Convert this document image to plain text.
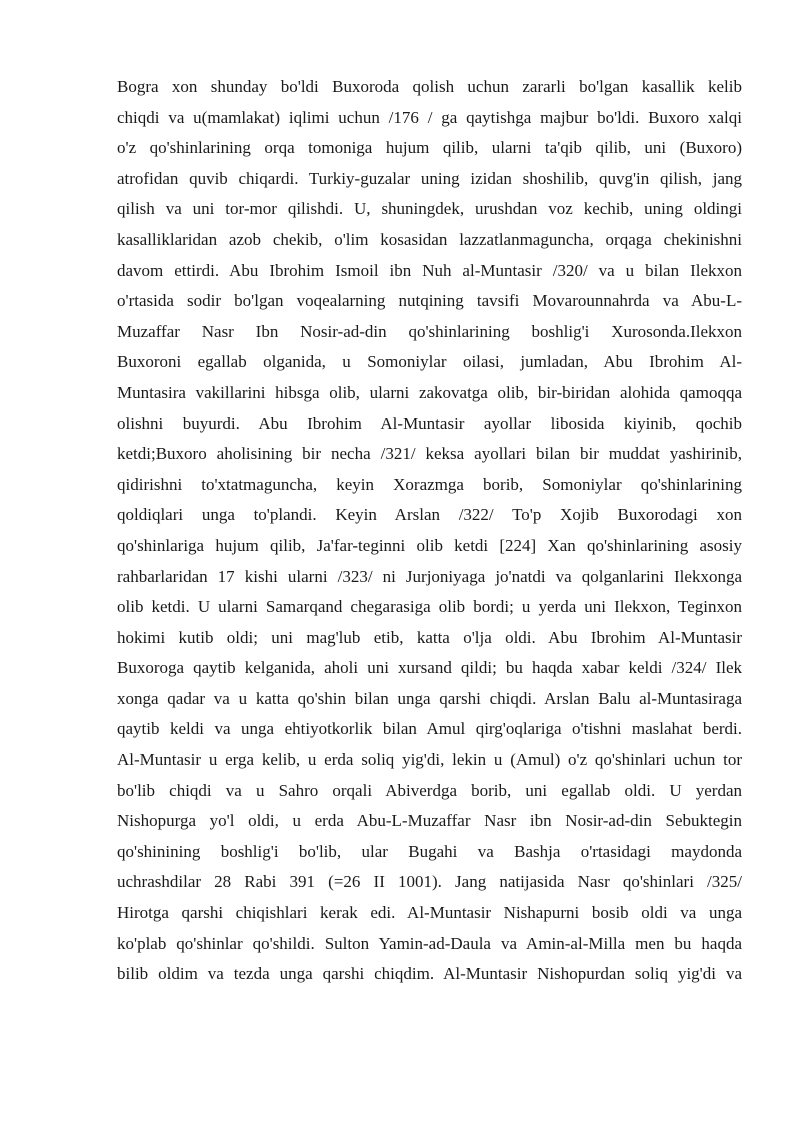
Bogra xon shunday bo'ldi Buxoroda qolish uchun zararli bo'lgan kasallik kelib
chiqdi va u(mamlakat) iqlimi uchun /176 / ga qaytishga majbur bo'ldi. Buxoro xalqi
o'z qo'shinlarining orqa tomoniga hujum qilib, ularni ta'qib qilib, uni (Buxoro)
atrofidan quvib chiqardi. Turkiy-guzalar uning izidan shoshilib, quvg'in qilish, jang
qilish va uni tor-mor qilishdi. U, shuningdek, urushdan voz kechib, uning oldingi
kasalliklaridan azob chekib, o'lim kosasidan lazzatlanmaguncha, orqaga chekinishni
davom ettirdi. Abu Ibrohim Ismoil ibn Nuh al-Muntasir /320/ va u bilan Ilekxon
o'rtasida sodir bo'lgan voqealarning nutqining tavsifi Movarounnahrda va Abu-L-
Muzaffar Nasr Ibn Nosir-ad-din qo'shinlarining boshlig'i Xurosonda.Ilekxon
Buxoroni egallab olganida, u Somoniylar oilasi, jumladan, Abu Ibrohim Al-
Muntasira vakillarini hibsga olib, ularni zakovatga olib, bir-biridan alohida qamoqqa
olishni buyurdi. Abu Ibrohim Al-Muntasir ayollar libosida kiyinib, qochib
ketdi;Buxoro aholisining bir necha /321/ keksa ayollari bilan bir muddat yashirinib,
qidirishni to'xtatmaguncha, keyin Xorazmga borib, Somoniylar qo'shinlarining
qoldiqlari unga to'plandi. Keyin Arslan /322/ To'p Xojib Buxorodagi xon
qo'shinlariga hujum qilib, Ja'far-teginni olib ketdi [224] Xan qo'shinlarining asosiy
rahbarlaridan 17 kishi ularni /323/ ni Jurjoniyaga jo'natdi va qolganlarini Ilekxonga
olib ketdi. U ularni Samarqand chegarasiga olib bordi; u yerda uni Ilekxon, Teginxon
hokimi kutib oldi; uni mag'lub etib, katta o'lja oldi. Abu Ibrohim Al-Muntasir
Buxoroga qaytib kelganida, aholi uni xursand qildi; bu haqda xabar keldi /324/ Ilek
xonga qadar va u katta qo'shin bilan unga qarshi chiqdi. Arslan Balu al-Muntasiraga
qaytib keldi va unga ehtiyotkorlik bilan Amul qirg'oqlariga o'tishni maslahat berdi.
Al-Muntasir u erga kelib, u erda soliq yig'di, lekin u (Amul) o'z qo'shinlari uchun tor
bo'lib chiqdi va u Sahro orqali Abiverdga borib, uni egallab oldi. U yerdan
Nishopurga yo'l oldi, u erda Abu-L-Muzaffar Nasr ibn Nosir-ad-din Sebuktegin
qo'shinining boshlig'i bo'lib, ular Bugahi va Bashja o'rtasidagi maydonda
uchrashdilar 28 Rabi 391 (=26 II 1001). Jang natijasida Nasr qo'shinlari /325/
Hirotga qarshi chiqishlari kerak edi. Al-Muntasir Nishapurni bosib oldi va unga
ko'plab qo'shinlar qo'shildi. Sulton Yamin-ad-Daula va Amin-al-Milla men bu haqda
bilib oldim va tezda unga qarshi chiqdim. Al-Muntasir Nishopurdan soliq yig'di va
